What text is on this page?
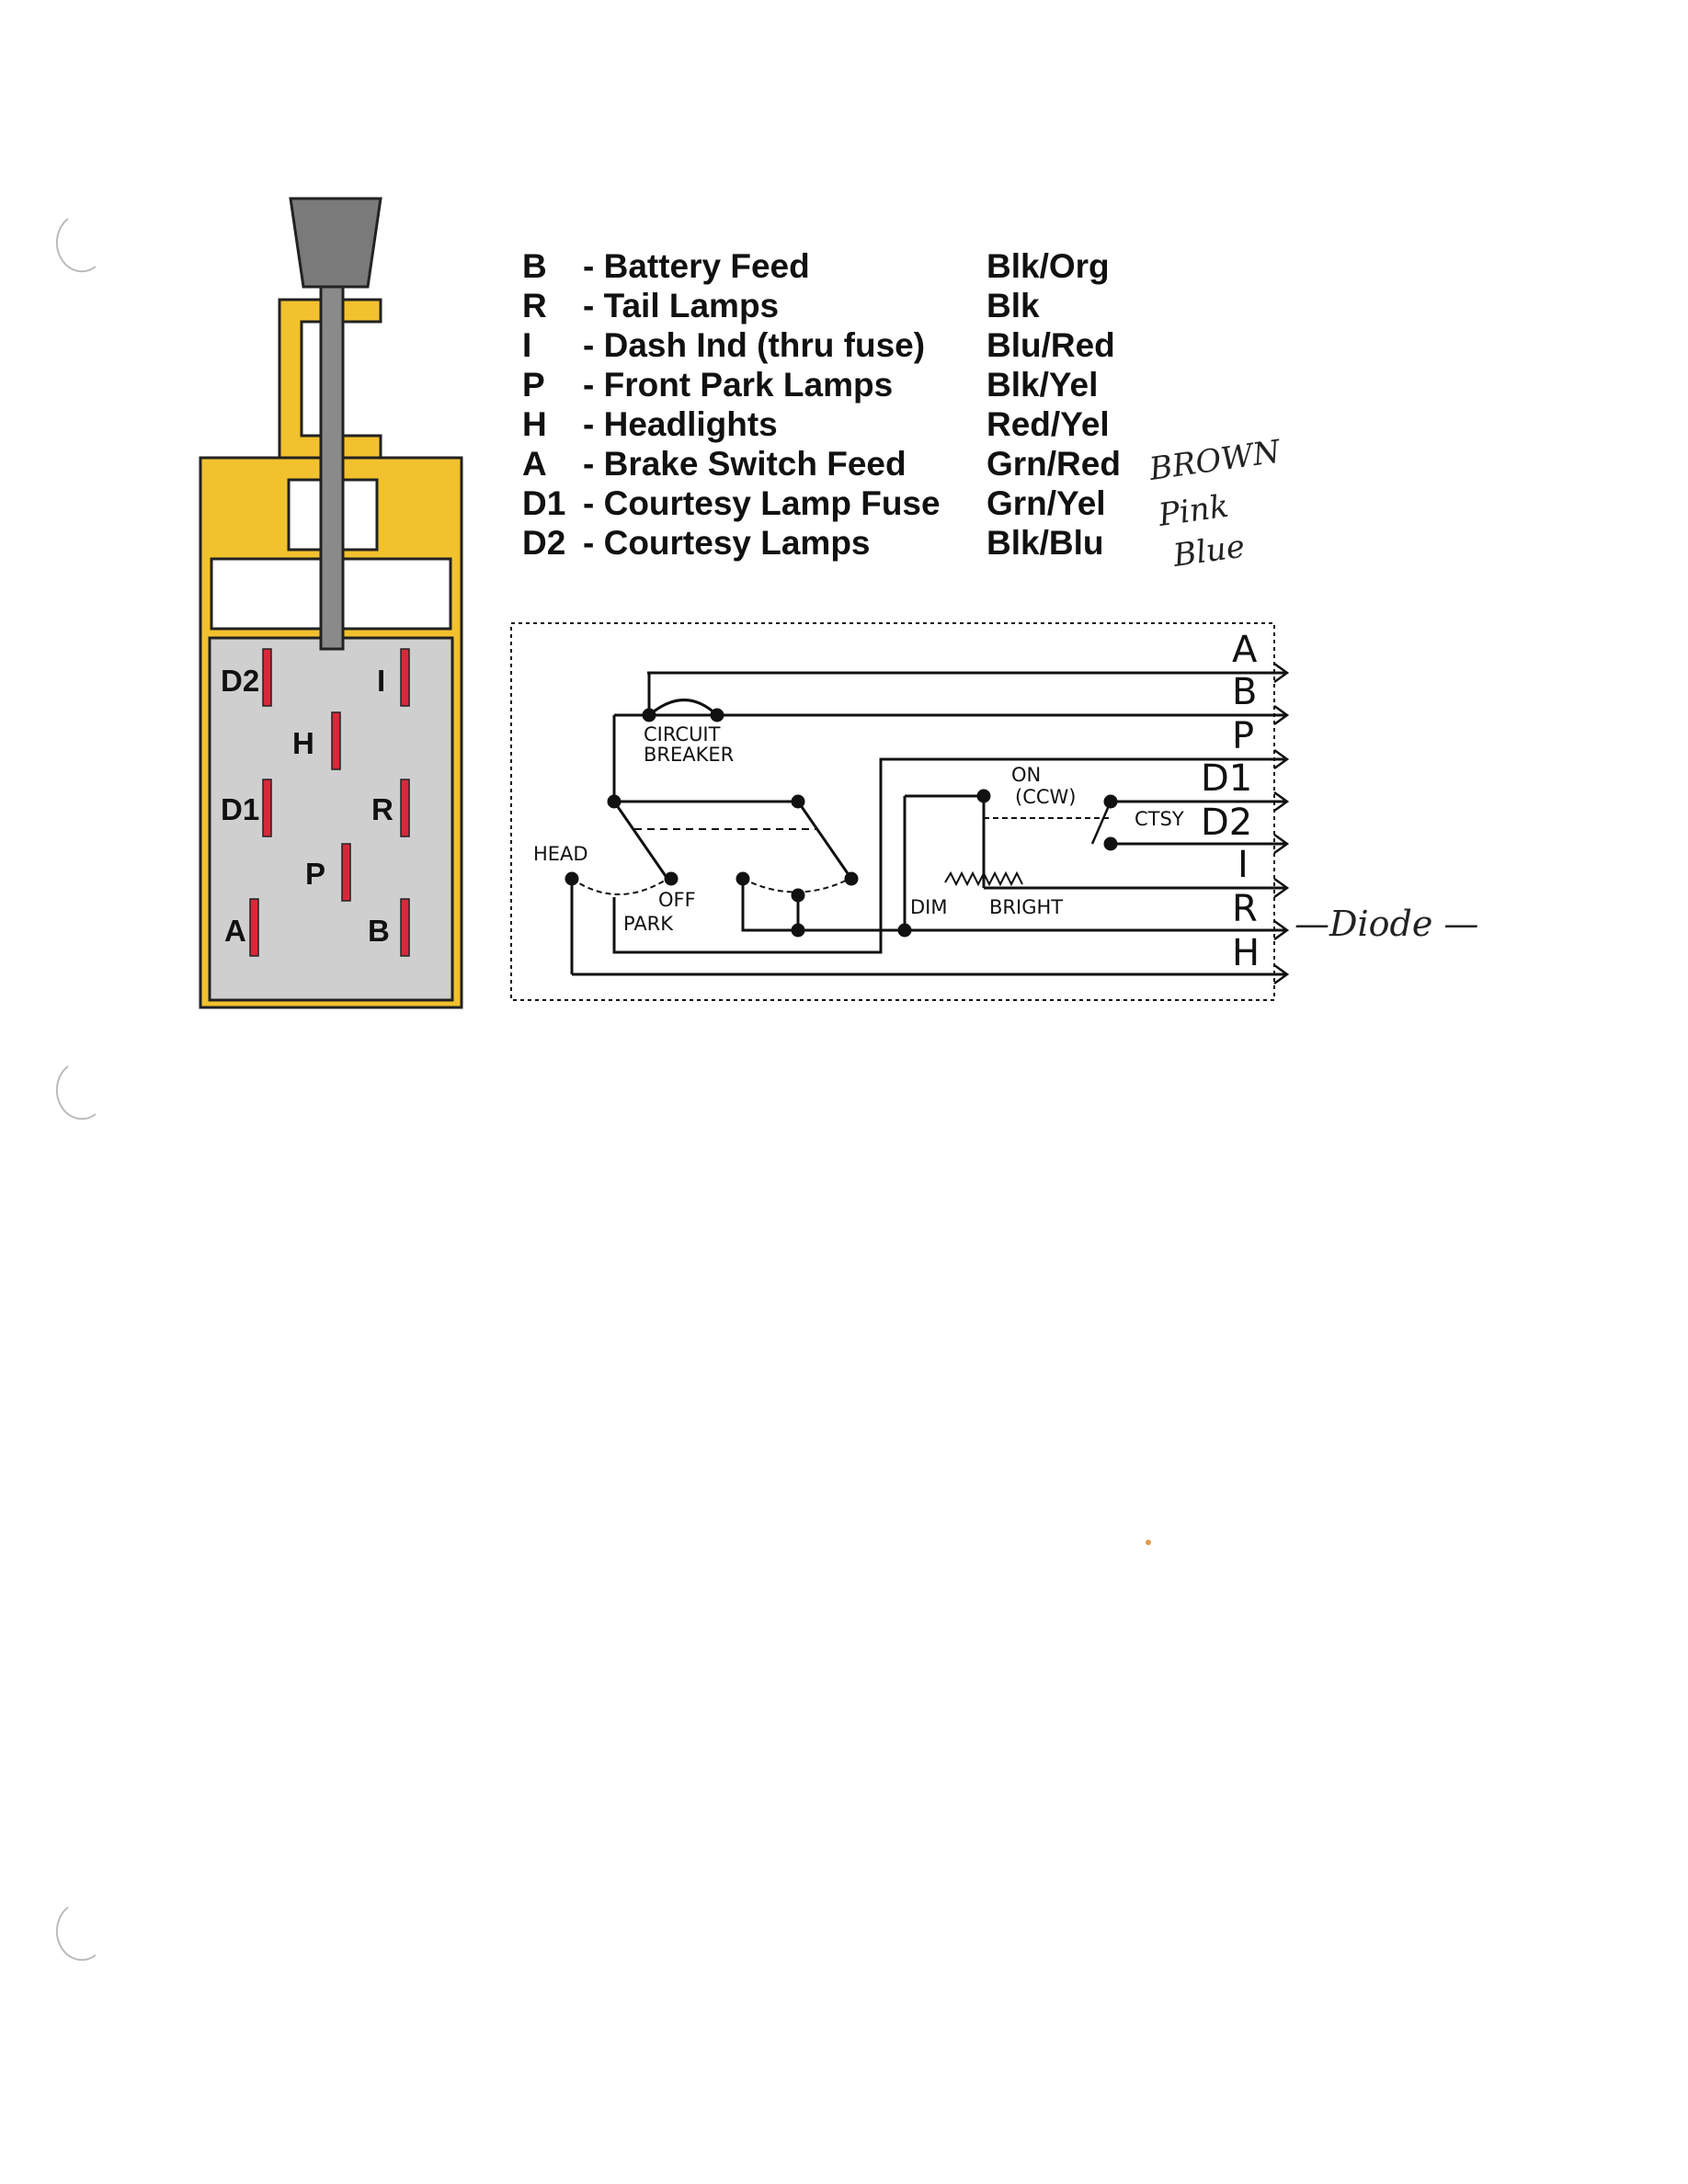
D2	I
H
D1	R
P
A	B
B - Battery Feed	Blk/Org
R - Tail Lamps	Blk
I - Dash Ind (thru fuse) Blu/Red
P - Front Park Lamps	Blk/Yel
H - Headlights	Red/Yel
A - Brake Switch Feed Grn/Red
D1 - Courtesy Lamp Fuse Grn/Yel
D2 - Courtesy Lamps	Blk/Blu
BROWN
Pink
Blue
—Diode —
CIRCUIT
BREAKER
HEAD
OFF
PARK
ON
(CCW)
CTSY
DIM BRIGHT
A
B
P
D1
D2
I
R
H
